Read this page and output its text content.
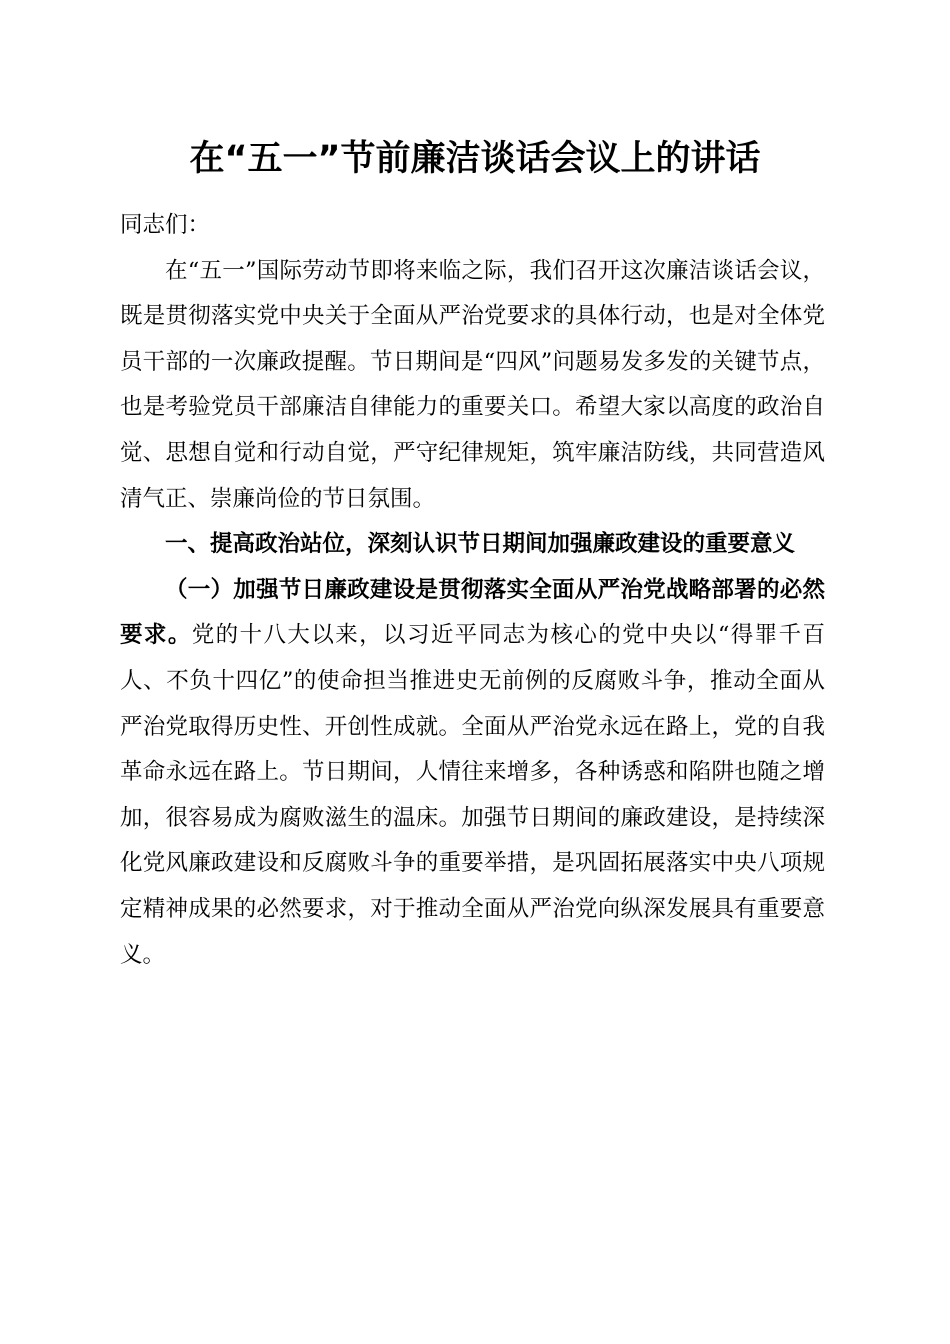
在“五一”节前廉洁谈话会议上的讲话

同志们：

在“五一”国际劳动节即将来临之际，我们召开这次廉洁谈话会议，既是贯彻落实党中央关于全面从严治党要求的具体行动，也是对全体党员干部的一次廉政提醒。节日期间是“四风”问题易发多发的关键节点，也是考验党员干部廉洁自律能力的重要关口。希望大家以高度的政治自觉、思想自觉和行动自觉，严守纪律规矩，筑牢廉洁防线，共同营造风清气正、崇廉尚俭的节日氛围。

一、提高政治站位，深刻认识节日期间加强廉政建设的重要意义

（一）加强节日廉政建设是贯彻落实全面从严治党战略部署的必然要求。党的十八大以来，以习近平同志为核心的党中央以“得罪千百人、不负十四亿”的使命担当推进史无前例的反腐败斗争，推动全面从严治党取得历史性、开创性成就。全面从严治党永远在路上，党的自我革命永远在路上。节日期间，人情往来增多，各种诱惑和陷阱也随之增加，很容易成为腐败滋生的温床。加强节日期间的廉政建设，是持续深化党风廉政建设和反腐败斗争的重要举措，是巩固拓展落实中央八项规定精神成果的必然要求，对于推动全面从严治党向纵深发展具有重要意义。
